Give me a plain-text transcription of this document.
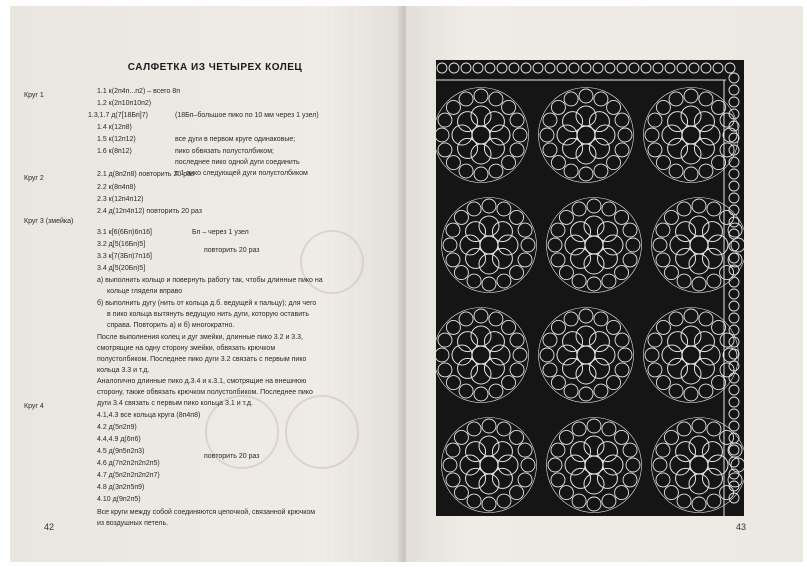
САЛФЕТКА ИЗ ЧЕТЫРЕХ КОЛЕЦ
Круг 1
1.1 к(2п4п...п2) – всего 8п
1.2 к(2п10п10п2)
1.3,1.7 д(7[18Бп]7)
1.4 к(12п8)
1.5 к(12п12)
1.6 к(8п12)
(18Бп–большое пико по 10 мм через 1 узел)
все дуги в первом круге одинаковые;
пико обвязать полустолбиком;
последнее пико одной дуги соединить
с 1 пико следующей дуги полустолбиком
Круг 2
2.1 д(8п2п8) повторить 20 раз
2.2 к(8п4п8)
2.3 к(12п4п12)
2.4 д(12п4п12) повторить 20 раз
Круг 3 (змейка)
3.1 к[6(6Бп)6п16]
3.2 д[5(16Бп)5]
3.3 к[7(3Бп)7п16]
3.4 д[5(20Бп)5]
Бп – через 1 узел
повторить 20 раз
а) выполнить кольцо и повернуть работу так, чтобы длинные пико на
кольце глядели вправо
б) выполнить дугу (нить от кольца д.б. ведущей к пальцу); для чего
в пико кольца вытянуть ведущую нить дуги, которую оставить
справа. Повторить а) и б) многократно.
После выполнения колец и дуг змейки, длинные пико 3.2 и 3.3,
смотрящие на одну сторону змейки, обвязать крючком
полустолбиком. Последнее пико дуги 3.2 связать с первым пико
кольца 3.3 и т.д.
Аналогично длинные пико д.3.4 и к.3.1, смотрящие на внешнюю
сторону, также обвязать крючком полустолбиком. Последнее пико
дуги 3.4 связать с первым пико кольца 3.1 и т.д.
Круг 4
4.1,4.3 все кольца круга (8п4п8)
4.2 д(5п2п9)
4.4,4.9 д(6п6)
4.5 д(9п5п2п3)
4.6 д(7п2п2п2п2п5)
4.7 д(5п2п2п2п2п7)
4.8 д(3п2п5п9)
4.10 д(9п2п5)
повторить 20 раз
Все круги между собой соединяются цепочкой, связанной крючком
из воздушных петель.
42	43
